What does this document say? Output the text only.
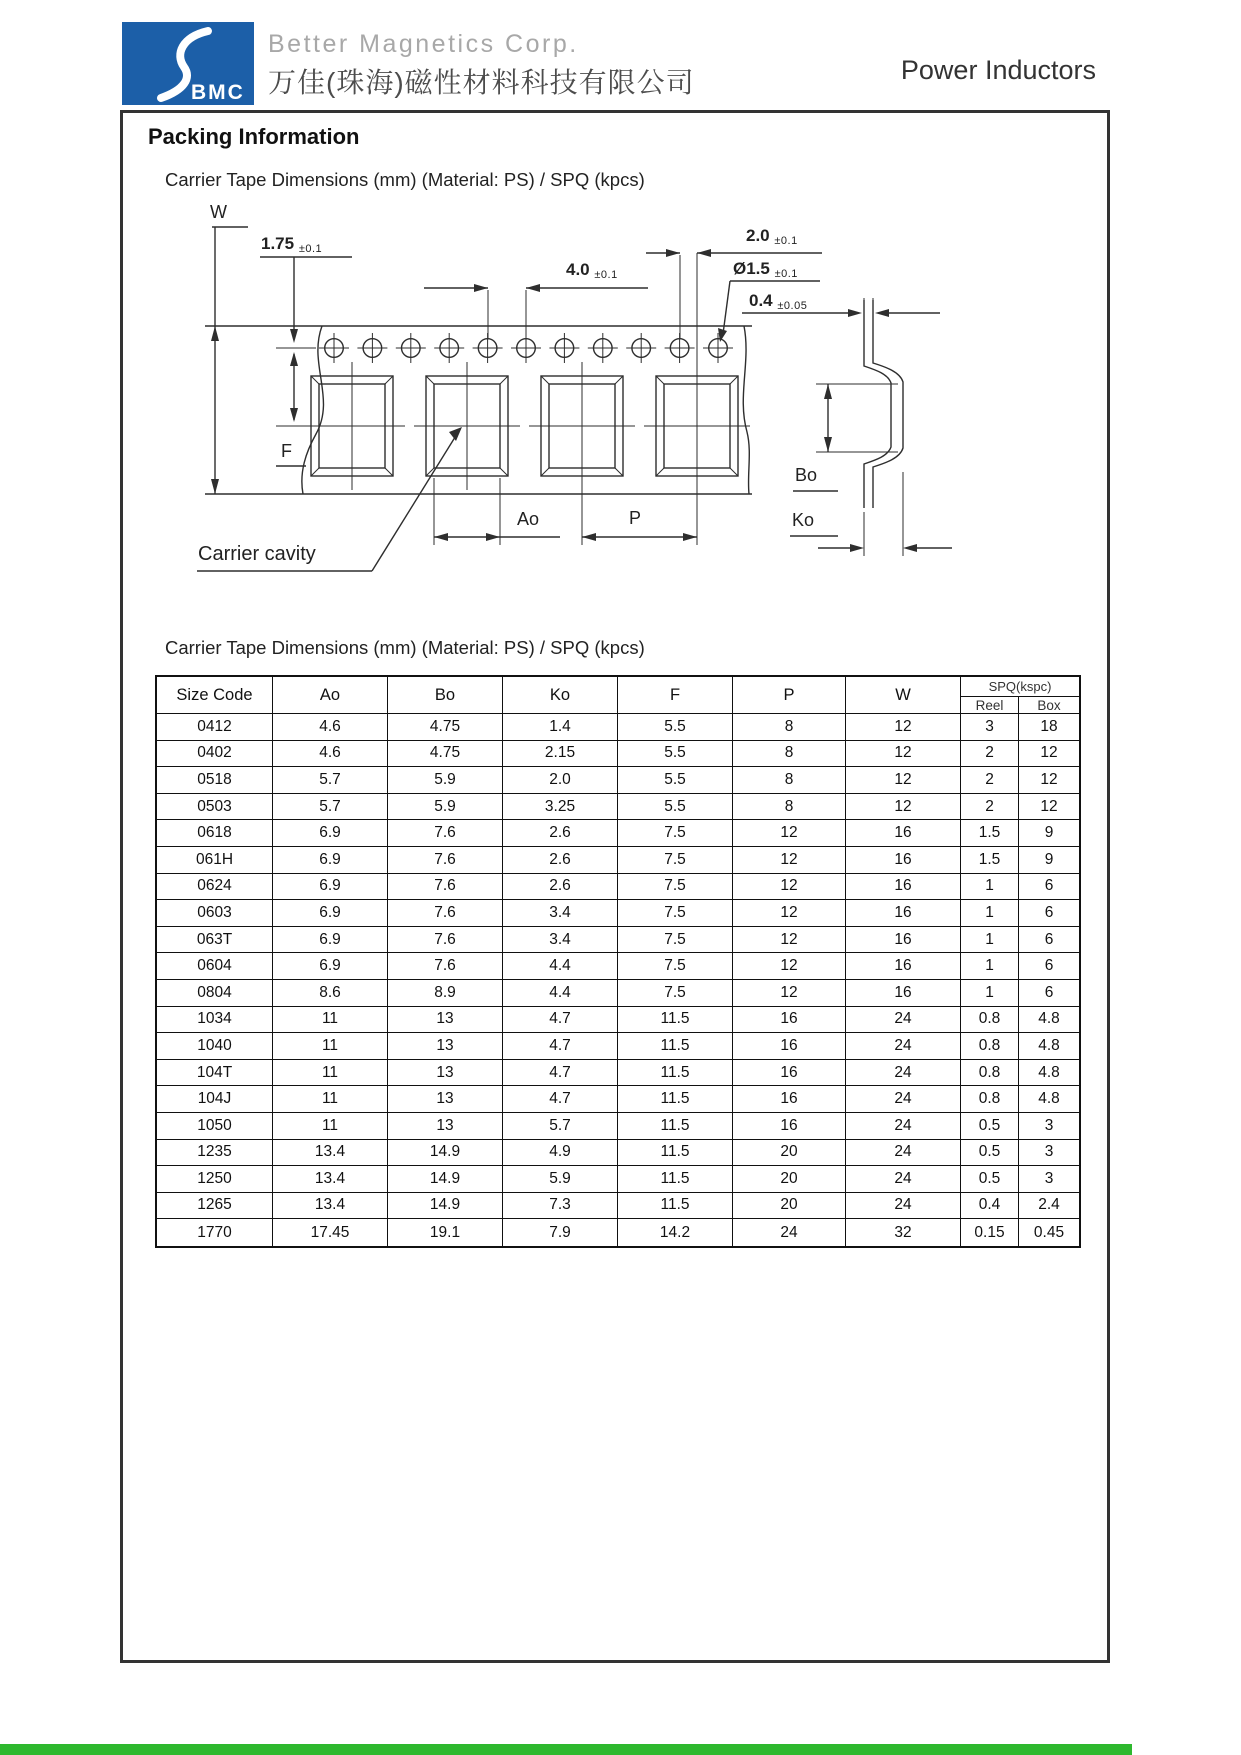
BMC
Better Magnetics Corp.
万佳(珠海)磁性材料科技有限公司	Power Inductors
Packing Information
Carrier Tape Dimensions (mm) (Material: PS) / SPQ (kpcs)
W
1.75 ±0.1
4.0 ±0.1
2.0 ±0.1
Ø1.5 ±0.1
0.4 ±0.05
F
Ao	P
Bo
Ko
Carrier cavity
Carrier Tape Dimensions (mm) (Material: PS) / SPQ (kpcs)
Size Code	Ao	Bo	Ko	F	P	W	SPQ(kspc)
Reel	Box
0412	4.6	4.75	1.4	5.5	8	12	3	18
0402	4.6	4.75	2.15	5.5	8	12	2	12
0518	5.7	5.9	2.0	5.5	8	12	2	12
0503	5.7	5.9	3.25	5.5	8	12	2	12
0618	6.9	7.6	2.6	7.5	12	16	1.5	9
061H	6.9	7.6	2.6	7.5	12	16	1.5	9
0624	6.9	7.6	2.6	7.5	12	16	1	6
0603	6.9	7.6	3.4	7.5	12	16	1	6
063T	6.9	7.6	3.4	7.5	12	16	1	6
0604	6.9	7.6	4.4	7.5	12	16	1	6
0804	8.6	8.9	4.4	7.5	12	16	1	6
1034	11	13	4.7	11.5	16	24	0.8	4.8
1040	11	13	4.7	11.5	16	24	0.8	4.8
104T	11	13	4.7	11.5	16	24	0.8	4.8
104J	11	13	4.7	11.5	16	24	0.8	4.8
1050	11	13	5.7	11.5	16	24	0.5	3
1235	13.4	14.9	4.9	11.5	20	24	0.5	3
1250	13.4	14.9	5.9	11.5	20	24	0.5	3
1265	13.4	14.9	7.3	11.5	20	24	0.4	2.4
1770	17.45	19.1	7.9	14.2	24	32	0.15	0.45
